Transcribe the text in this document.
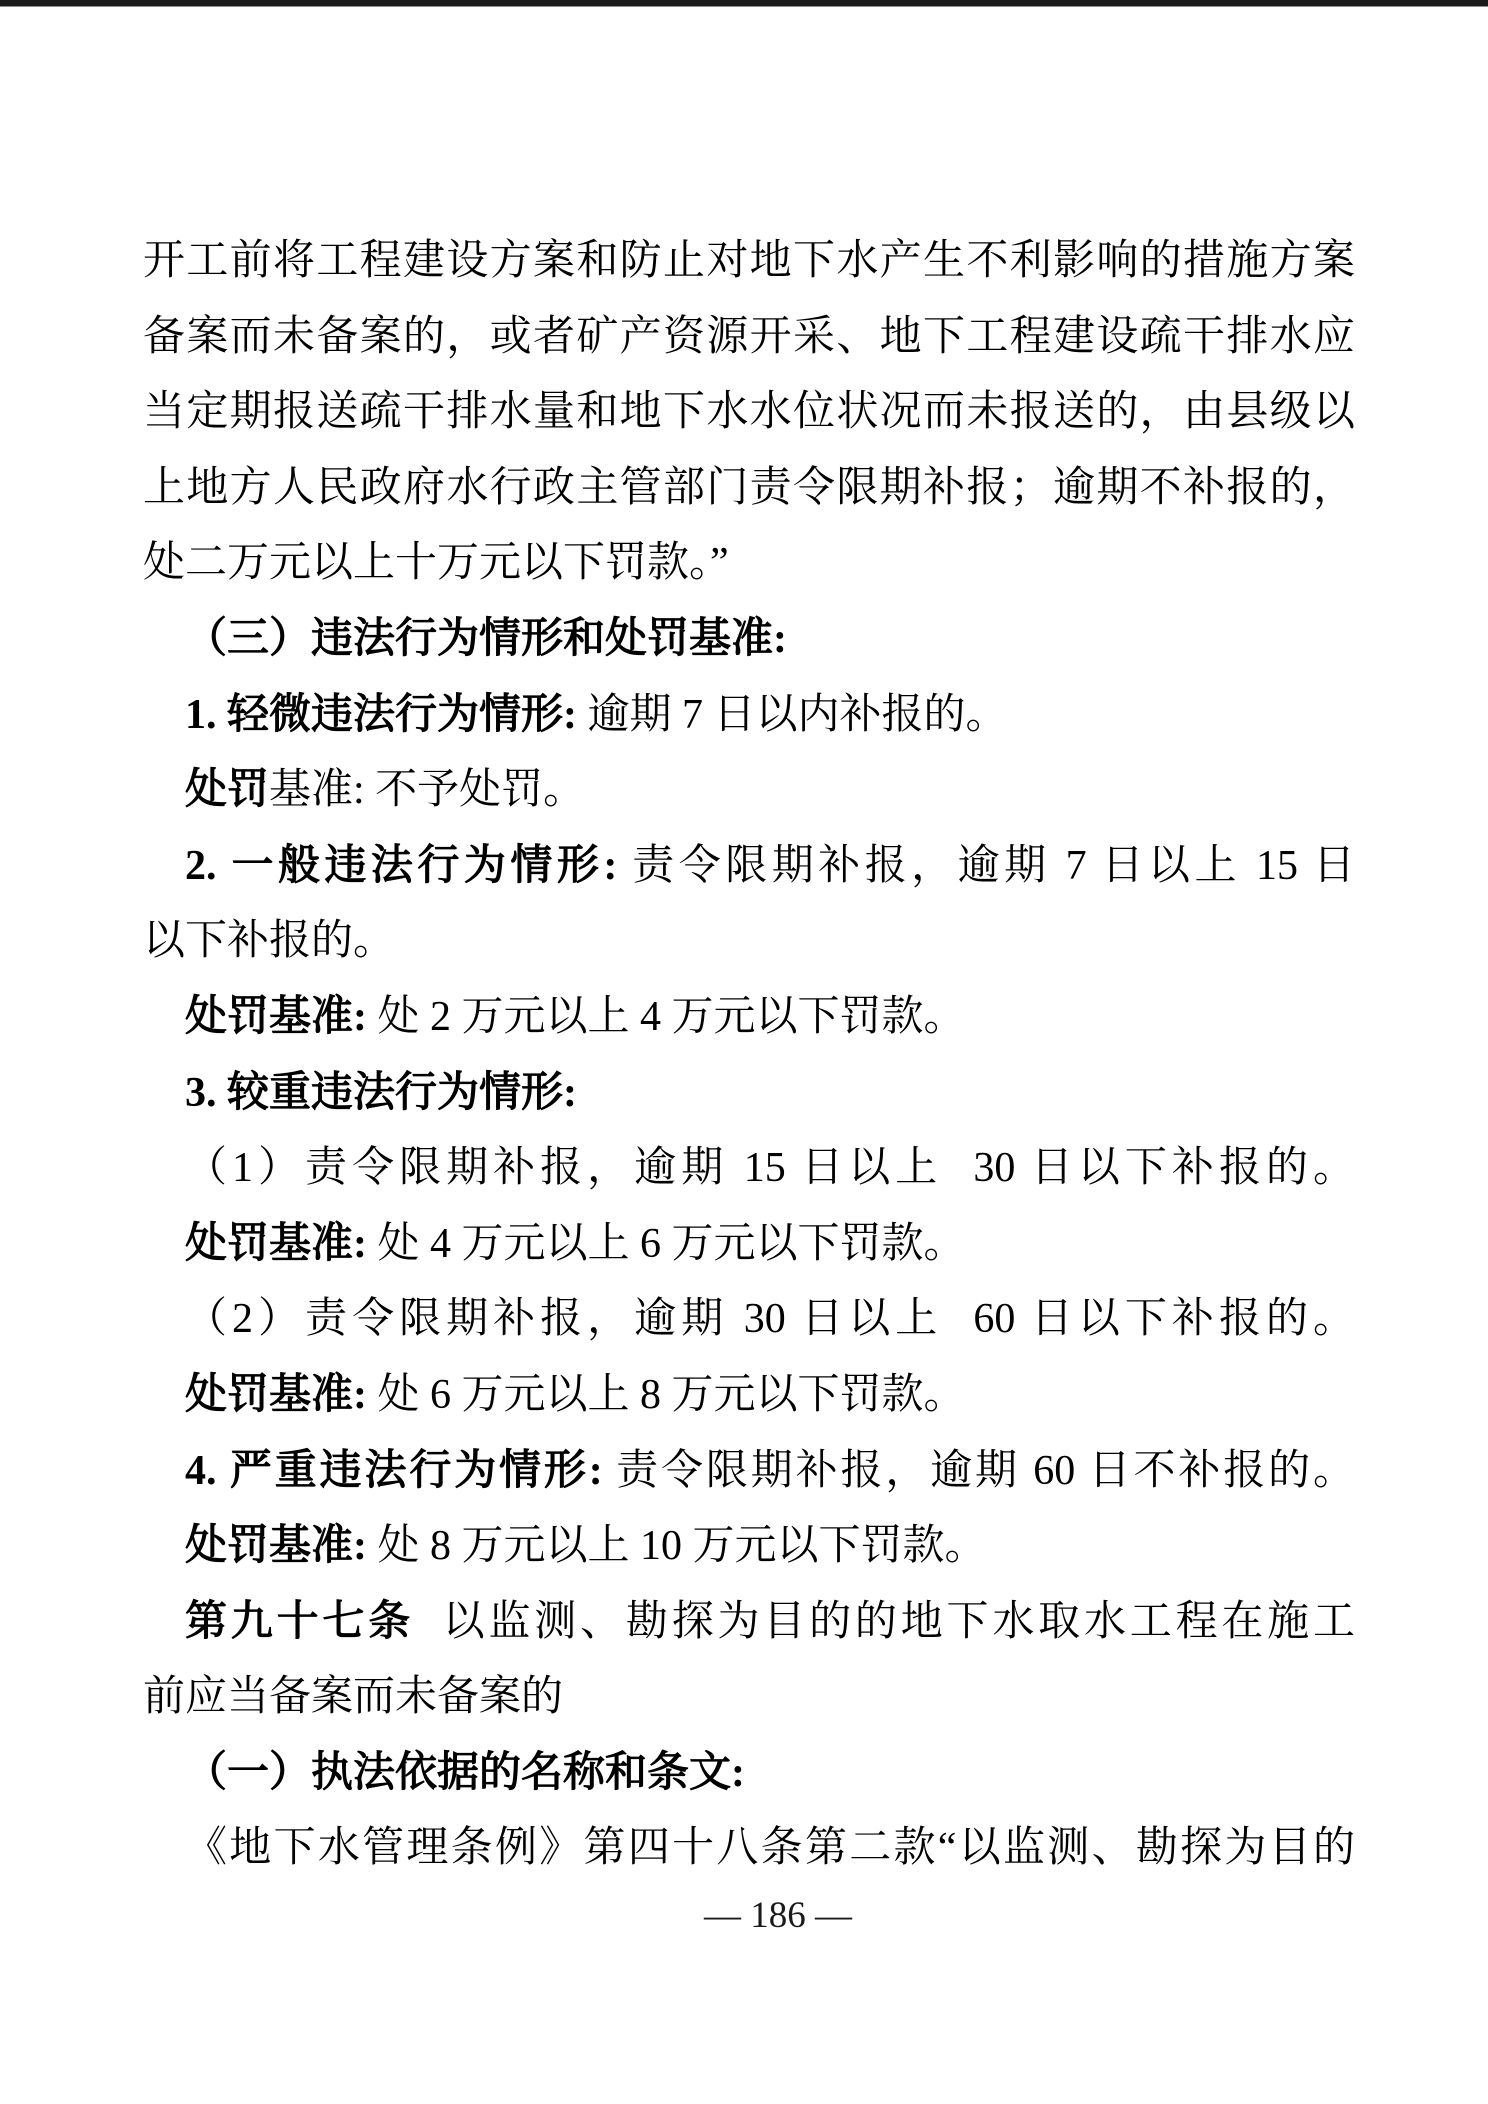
开工前将工程建设方案和防止对地下水产生不利影响的措施方案
备案而未备案的，或者矿产资源开采、地下工程建设疏干排水应
当定期报送疏干排水量和地下水水位状况而未报送的，由县级以
上地方人民政府水行政主管部门责令限期补报；逾期不补报的，
处二万元以上十万元以下罚款。”
（三）违法行为情形和处罚基准:
1. 轻微违法行为情形: 逾期 7 日以内补报的。
处罚基准: 不予处罚。
2. 一般违法行为情形: 责令限期补报，逾期 7 日以上 15 日
以下补报的。
处罚基准: 处 2 万元以上 4 万元以下罚款。
3. 较重违法行为情形:
（1）责令限期补报，逾期 15 日以上  30 日以下补报的。
处罚基准: 处 4 万元以上 6 万元以下罚款。
（2）责令限期补报，逾期 30 日以上  60 日以下补报的。
处罚基准: 处 6 万元以上 8 万元以下罚款。
4. 严重违法行为情形: 责令限期补报，逾期 60 日不补报的。
处罚基准: 处 8 万元以上 10 万元以下罚款。
第九十七条  以监测、勘探为目的的地下水取水工程在施工
前应当备案而未备案的
（一）执法依据的名称和条文:
《地下水管理条例》第四十八条第二款“以监测、勘探为目的
— 186 —
